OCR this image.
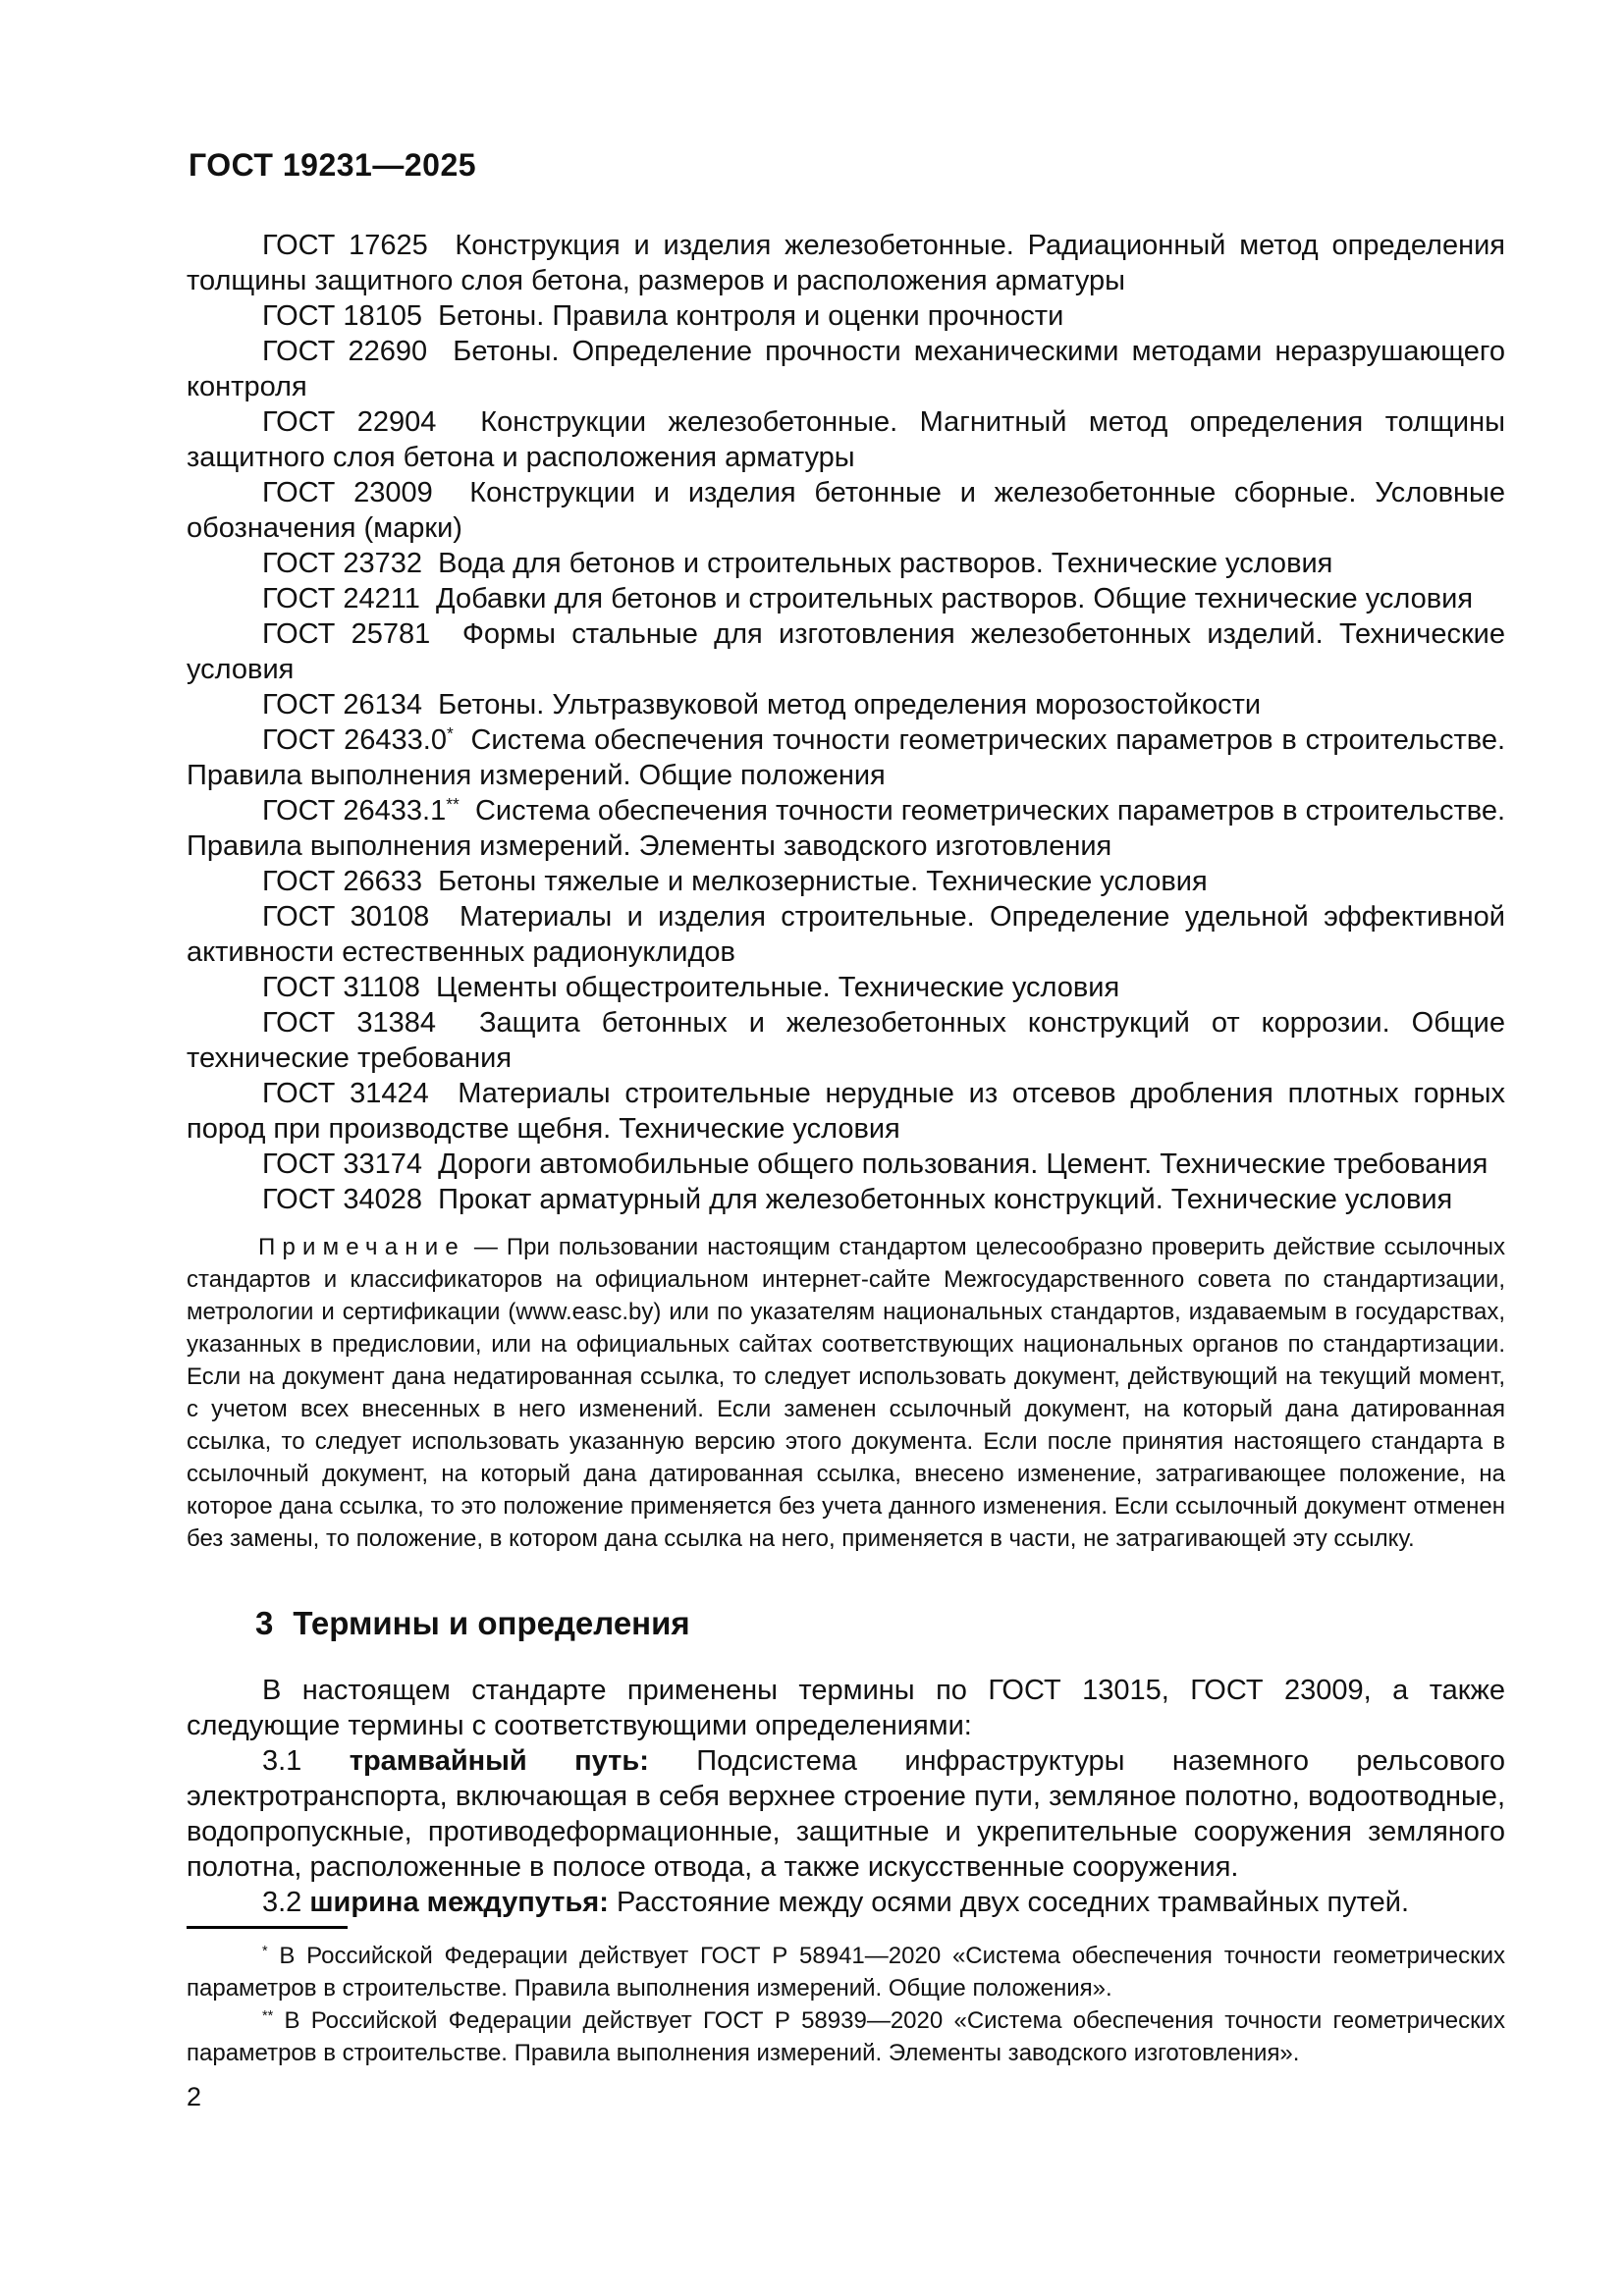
ГОСТ 19231—2025

ГОСТ 17625  Конструкция и изделия железобетонные. Радиационный метод определения толщины защитного слоя бетона, размеров и расположения арматуры

ГОСТ 18105  Бетоны. Правила контроля и оценки прочности

ГОСТ 22690  Бетоны. Определение прочности механическими методами неразрушающего контроля

ГОСТ 22904  Конструкции железобетонные. Магнитный метод определения толщины защитного слоя бетона и расположения арматуры

ГОСТ 23009  Конструкции и изделия бетонные и железобетонные сборные. Условные обозначения (марки)

ГОСТ 23732  Вода для бетонов и строительных растворов. Технические условия

ГОСТ 24211  Добавки для бетонов и строительных растворов. Общие технические условия

ГОСТ 25781  Формы стальные для изготовления железобетонных изделий. Технические условия

ГОСТ 26134  Бетоны. Ультразвуковой метод определения морозостойкости

ГОСТ 26433.0*  Система обеспечения точности геометрических параметров в строительстве. Правила выполнения измерений. Общие положения

ГОСТ 26433.1**  Система обеспечения точности геометрических параметров в строительстве. Правила выполнения измерений. Элементы заводского изготовления

ГОСТ 26633  Бетоны тяжелые и мелкозернистые. Технические условия

ГОСТ 30108  Материалы и изделия строительные. Определение удельной эффективной активности естественных радионуклидов

ГОСТ 31108  Цементы общестроительные. Технические условия

ГОСТ 31384  Защита бетонных и железобетонных конструкций от коррозии. Общие технические требования

ГОСТ 31424  Материалы строительные нерудные из отсевов дробления плотных горных пород при производстве щебня. Технические условия

ГОСТ 33174  Дороги автомобильные общего пользования. Цемент. Технические требования

ГОСТ 34028  Прокат арматурный для железобетонных конструкций. Технические условия

Примечание — При пользовании настоящим стандартом целесообразно проверить действие ссылочных стандартов и классификаторов на официальном интернет-сайте Межгосударственного совета по стандартизации, метрологии и сертификации (www.easc.by) или по указателям национальных стандартов, издаваемым в государствах, указанных в предисловии, или на официальных сайтах соответствующих национальных органов по стандартизации. Если на документ дана недатированная ссылка, то следует использовать документ, действующий на текущий момент, с учетом всех внесенных в него изменений. Если заменен ссылочный документ, на который дана датированная ссылка, то следует использовать указанную версию этого документа. Если после принятия настоящего стандарта в ссылочный документ, на который дана датированная ссылка, внесено изменение, затрагивающее положение, на которое дана ссылка, то это положение применяется без учета данного изменения. Если ссылочный документ отменен без замены, то положение, в котором дана ссылка на него, применяется в части, не затрагивающей эту ссылку.

3 Термины и определения

В настоящем стандарте применены термины по ГОСТ 13015, ГОСТ 23009, а также следующие термины с соответствующими определениями:

3.1 трамвайный путь: Подсистема инфраструктуры наземного рельсового электротранспорта, включающая в себя верхнее строение пути, земляное полотно, водоотводные, водопропускные, противодеформационные, защитные и укрепительные сооружения земляного полотна, расположенные в полосе отвода, а также искусственные сооружения.

3.2 ширина междупутья: Расстояние между осями двух соседних трамвайных путей.

* В Российской Федерации действует ГОСТ Р 58941—2020 «Система обеспечения точности геометрических параметров в строительстве. Правила выполнения измерений. Общие положения».

** В Российской Федерации действует ГОСТ Р 58939—2020 «Система обеспечения точности геометрических параметров в строительстве. Правила выполнения измерений. Элементы заводского изготовления».

2
